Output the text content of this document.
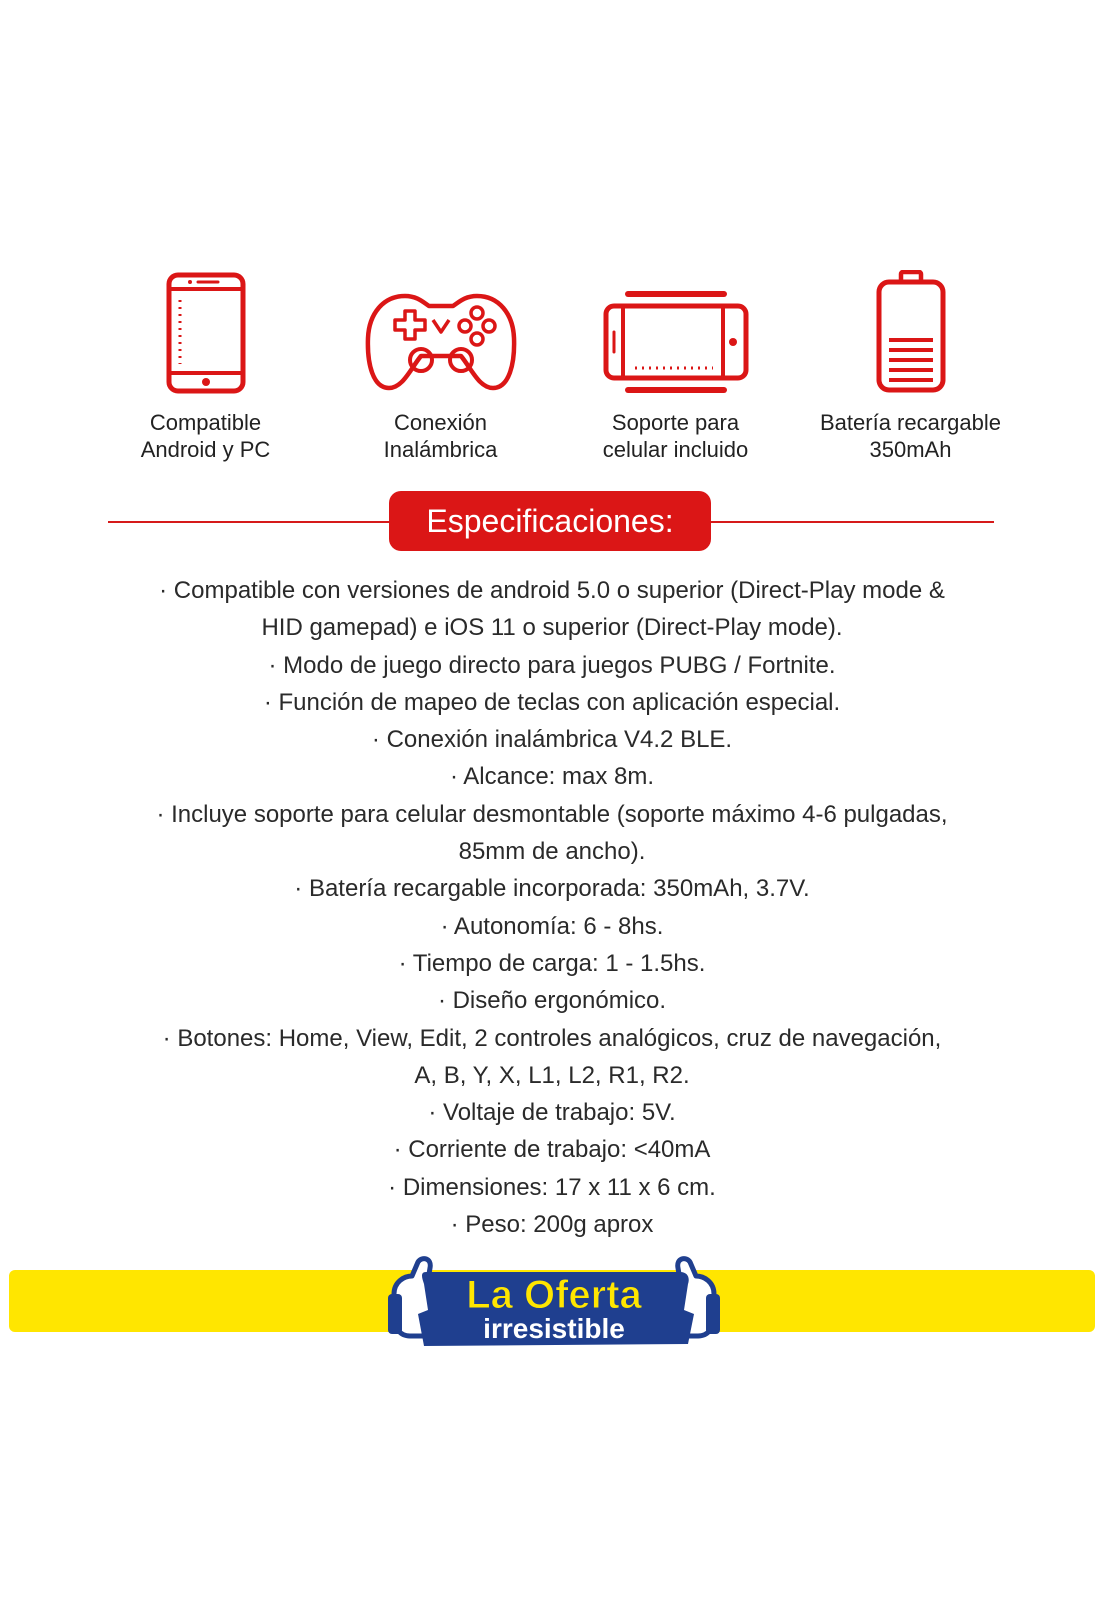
Compatible
Android y PC
Conexión
Inalámbrica
Soporte para
celular incluido
Batería recargable
350mAh
Especificaciones:
· Compatible con versiones de android 5.0 o superior (Direct-Play mode &
HID gamepad) e iOS 11 o superior (Direct-Play mode).
· Modo de juego directo para juegos PUBG / Fortnite.
· Función de mapeo de teclas con aplicación especial.
· Conexión inalámbrica V4.2 BLE.
· Alcance: max 8m.
· Incluye soporte para celular desmontable (soporte máximo 4-6 pulgadas,
85mm de ancho).
· Batería recargable incorporada: 350mAh, 3.7V.
· Autonomía: 6 - 8hs.
· Tiempo de carga: 1 - 1.5hs.
· Diseño ergonómico.
· Botones: Home, View, Edit, 2 controles analógicos, cruz de navegación,
A, B, Y, X, L1, L2, R1, R2.
· Voltaje de trabajo: 5V.
· Corriente de trabajo: <40mA
· Dimensiones: 17 x 11 x 6 cm.
· Peso: 200g aprox
La Oferta
irresistible
